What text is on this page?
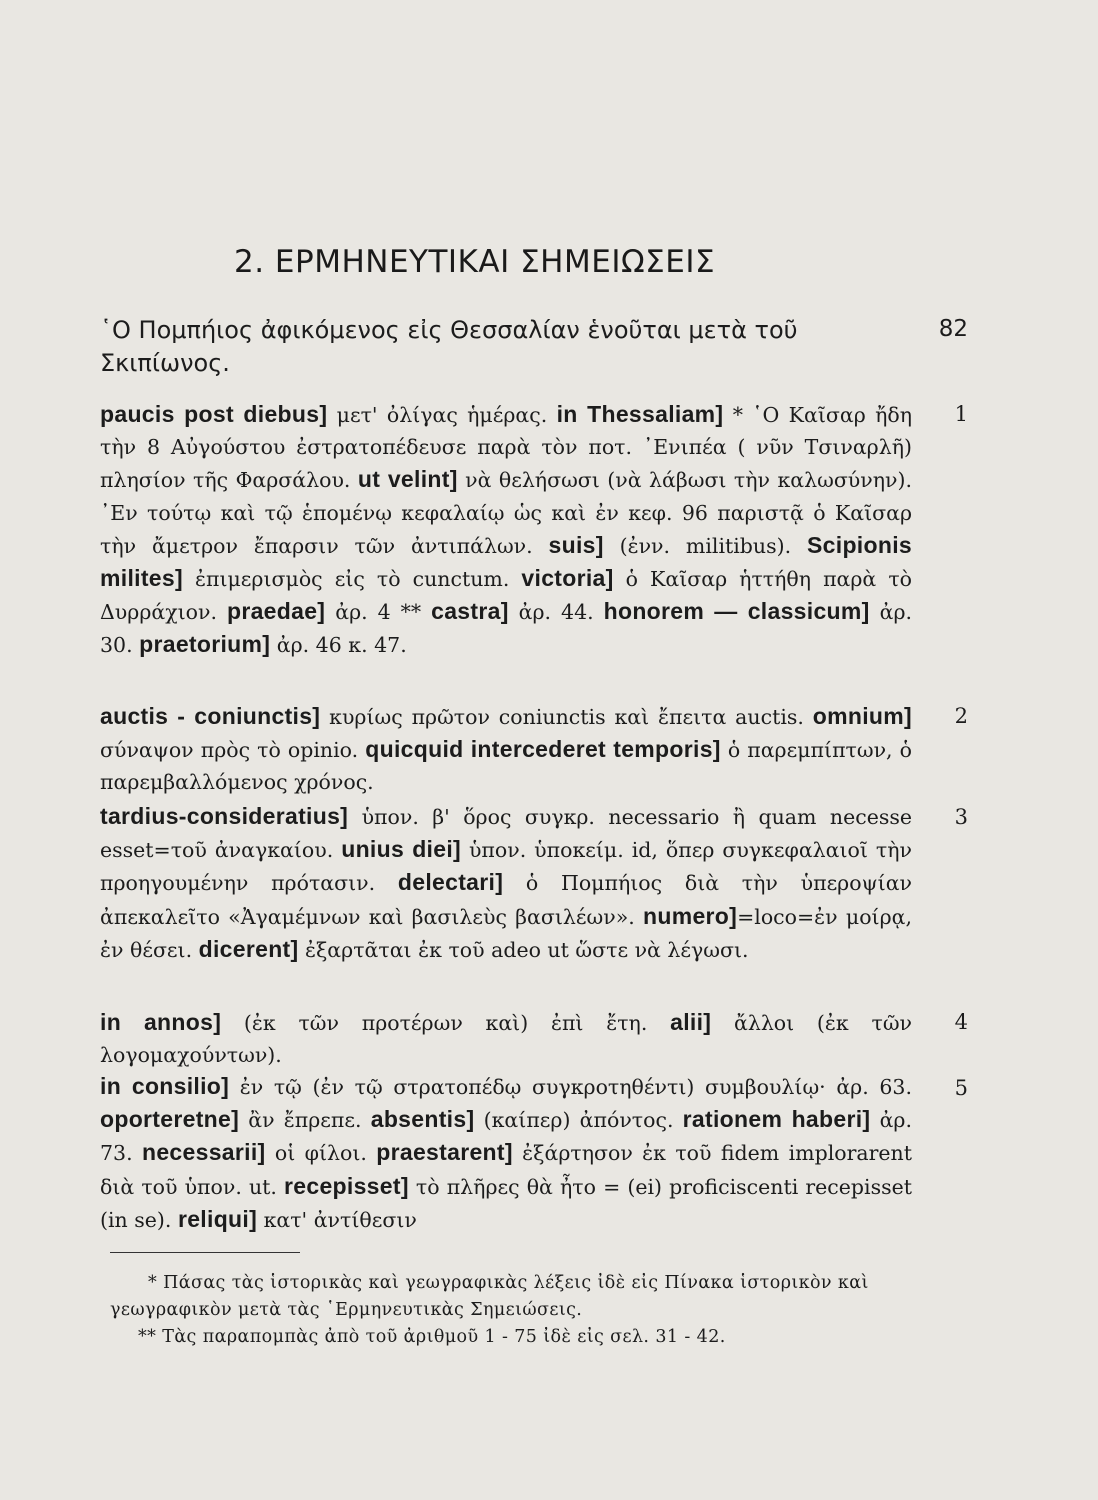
2. ΕΡΜΗΝΕΥΤΙΚΑΙ ΣΗΜΕΙΩΣΕΙΣ
῾Ο Πομπήιος ἀφικόμενος εἰς Θεσσαλίαν ἑνοῦται μετὰ τοῦ Σκιπίωνος.
82
paucis post diebus] μετ' ὀλίγας ἡμέρας. in Thessaliam] * ῾Ο Καῖσαρ ἤδη τὴν 8 Αὐγούστου ἐστρατοπέδευσε παρὰ τὸν ποτ. ᾿Ενιπέα ( νῦν Τσιναρλῆ) πλησίον τῆς Φαρσάλου. ut velint] νὰ θελήσωσι (νὰ λάβωσι τὴν καλωσύνην). ᾿Εν τούτῳ καὶ τῷ ἑπομένῳ κεφαλαίῳ ὡς καὶ ἐν κεφ. 96 παριστᾷ ὁ Καῖσαρ τὴν ἄμετρον ἔπαρσιν τῶν ἀντιπάλων. suis] (ἐνν. militibus). Scipionis milites] ἐπιμερισμὸς εἰς τὸ cunctum. victoria] ὁ Καῖσαρ ἡττήθη παρὰ τὸ Δυρράχιον. praedae] ἀρ. 4 ** castra] ἀρ. 44. honorem — classicum] ἀρ. 30. praetorium] ἀρ. 46 κ. 47.
1
auctis - coniunctis] κυρίως πρῶτον coniunctis καὶ ἔπειτα auctis. omnium] σύναψον πρὸς τὸ opinio. quicquid intercederet temporis] ὁ παρεμπίπτων, ὁ παρεμβαλλόμενος χρόνος.
2
tardius-consideratius] ὑπον. β' ὅρος συγκρ. necessario ἢ quam necesse esset=τοῦ ἀναγκαίου. unius diei] ὑπον. ὑποκείμ. id, ὅπερ συγκεφαλαιοῖ τὴν προηγουμένην πρότασιν. delectari] ὁ Πομπήιος διὰ τὴν ὑπεροψίαν ἀπεκαλεῖτο «Ἀγαμέμνων καὶ βασιλεὺς βασιλέων». numero]=loco=ἐν μοίρᾳ, ἐν θέσει. dicerent] ἐξαρτᾶται ἐκ τοῦ adeo ut ὥστε νὰ λέγωσι.
3
in annos] (ἐκ τῶν προτέρων καὶ) ἐπὶ ἔτη. alii] ἄλλοι (ἐκ τῶν λογομαχούντων).
4
in consilio] ἐν τῷ (ἐν τῷ στρατοπέδῳ συγκροτηθέντι) συμβουλίῳ· ἀρ. 63. oporteretne] ἂν ἔπρεπε. absentis] (καίπερ) ἀπόντος. rationem haberi] ἀρ. 73. necessarii] οἱ φίλοι. praestarent] ἐξάρτησον ἐκ τοῦ fidem implorarent διὰ τοῦ ὑπον. ut. recepisset] τὸ πλῆρες θὰ ἦτο = (ei) proficiscenti recepisset (in se). reliqui] κατ' ἀντίθεσιν
5
* Πάσας τὰς ἱστορικὰς καὶ γεωγραφικὰς λέξεις ἰδὲ εἰς Πίνακα ἱστορικὸν καὶ γεωγραφικὸν μετὰ τὰς ῾Ερμηνευτικὰς Σημειώσεις.
** Τὰς παραπομπὰς ἀπὸ τοῦ ἀριθμοῦ 1 - 75 ἰδὲ εἰς σελ. 31 - 42.
